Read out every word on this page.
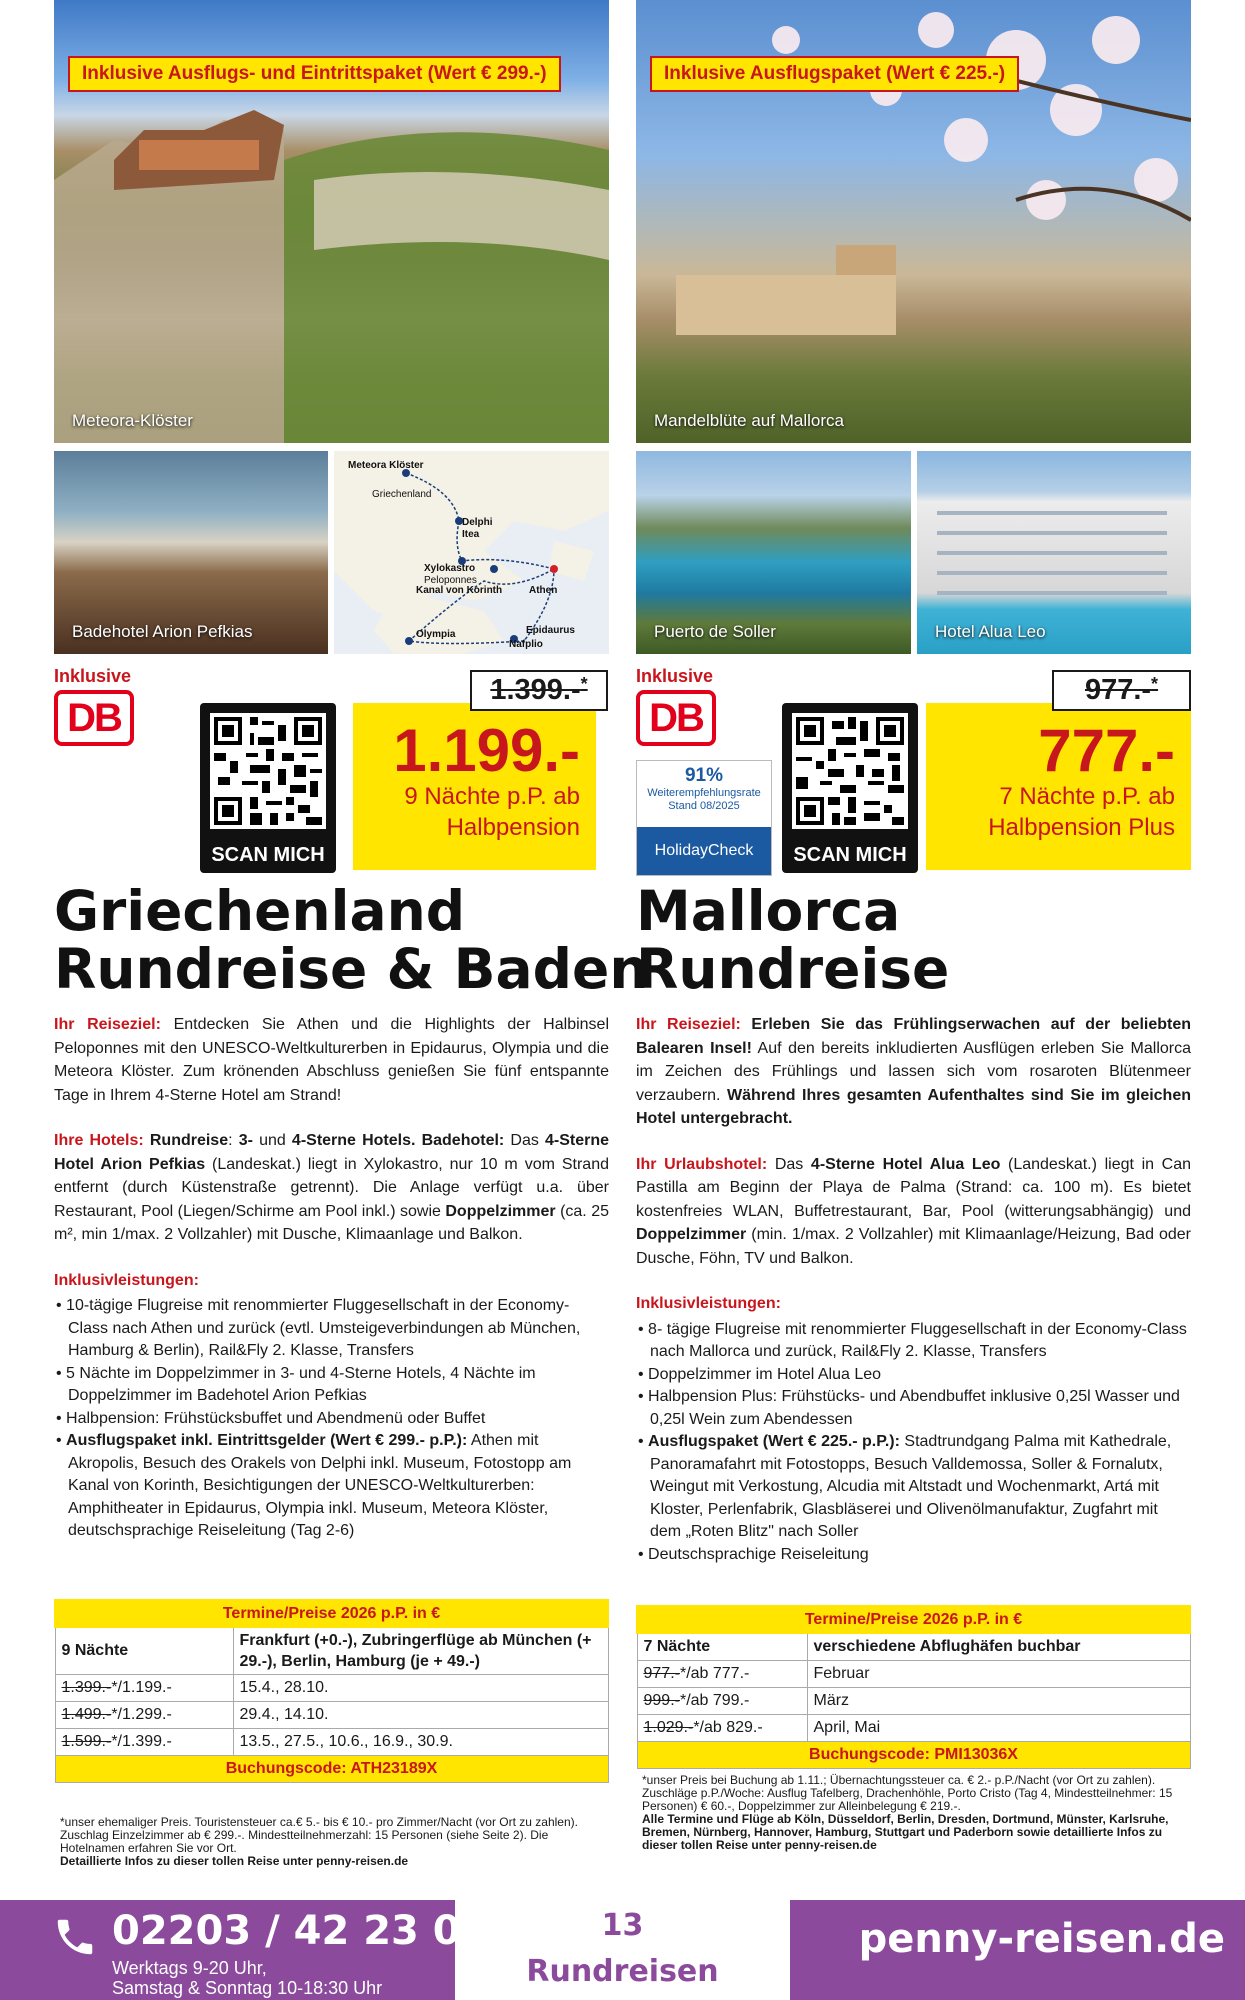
Meteora-Klöster
Inklusive Ausflugs- und Eintrittspaket (Wert € 299.-)
Badehotel Arion Pefkias
Meteora Klöster
Griechenland
Delphi
Itea
Xylokastro
Peloponnes
Kanal von Korinth	Athen
Olympia	Epidaurus
Nafplio
Inklusive
DB
SCAN MICH
1.199.-
9 Nächte p.P. ab
Halbpension
1.399.-*
Griechenland
Rundreise & Baden

Ihr Reiseziel: Entdecken Sie Athen und die Highlights der Halbinsel Peloponnes mit den UNESCO-Weltkulturerben in Epidaurus, Olympia und die Meteora Klöster. Zum krönenden Abschluss genießen Sie fünf entspannte Tage in Ihrem 4-Sterne Hotel am Strand!

Ihre Hotels: Rundreise: 3- und 4-Sterne Hotels. Badehotel: Das 4-Sterne Hotel Arion Pefkias (Landeskat.) liegt in Xylokastro, nur 10 m vom Strand entfernt (durch Küstenstraße getrennt). Die Anlage verfügt u.a. über Restaurant, Pool (Liegen/Schirme am Pool inkl.) sowie Doppelzimmer (ca. 25 m², min 1/max. 2 Vollzahler) mit Dusche, Klimaanlage und Balkon.

Inklusivleistungen:
• 10-tägige Flugreise mit renommierter Fluggesellschaft in der Economy-Class nach Athen und zurück (evtl. Umsteigeverbindungen ab München, Hamburg & Berlin), Rail&Fly 2. Klasse, Transfers
• 5 Nächte im Doppelzimmer in 3- und 4-Sterne Hotels, 4 Nächte im Doppelzimmer im Badehotel Arion Pefkias
• Halbpension: Frühstücksbuffet und Abendmenü oder Buffet
• Ausflugspaket inkl. Eintrittsgelder (Wert € 299.- p.P.): Athen mit Akropolis, Besuch des Orakels von Delphi inkl. Museum, Fotostopp am Kanal von Korinth, Besichtigungen der UNESCO-Weltkulturerben: Amphitheater in Epidaurus, Olympia inkl. Museum, Meteora Klöster, deutschsprachige Reiseleitung (Tag 2-6)
Termine/Preise 2026 p.P. in €	
9 Nächte	Frankfurt (+0.-), Zubringerflüge ab München (+ 29.-), Berlin, Hamburg (je + 49.-)
1.399.-*/1.199.-	15.4., 28.10.
1.499.-*/1.299.-	29.4., 14.10.
1.599.-*/1.399.-	13.5., 27.5., 10.6., 16.9., 30.9.
Buchungscode: ATH23189X	
*unser ehemaliger Preis. Touristensteuer ca.€ 5.- bis € 10.- pro Zimmer/Nacht (vor Ort zu zahlen). Zuschlag Einzelzimmer ab € 299.-. Mindestteilnehmerzahl: 15 Personen (siehe Seite 2). Die Hotelnamen erfahren Sie vor Ort.
Detaillierte Infos zu dieser tollen Reise unter penny-reisen.de
Mandelblüte auf Mallorca
Inklusive Ausflugspaket (Wert € 225.-)
Puerto de Soller	Hotel Alua Leo
Inklusive
DB
91%
Weiterempfehlungsrate
Stand 08/2025
HolidayCheck	SCAN MICH
777.-
7 Nächte p.P. ab
Halbpension Plus
977.-*
Mallorca
Rundreise

Ihr Reiseziel: Erleben Sie das Frühlingserwachen auf der beliebten Balearen Insel! Auf den bereits inkludierten Ausflügen erleben Sie Mallorca im Zeichen des Frühlings und lassen sich vom rosaroten Blütenmeer verzaubern. Während Ihres gesamten Aufenthaltes sind Sie im gleichen Hotel untergebracht.

Ihr Urlaubshotel: Das 4-Sterne Hotel Alua Leo (Landeskat.) liegt in Can Pastilla am Beginn der Playa de Palma (Strand: ca. 100 m). Es bietet kostenfreies WLAN, Buffetrestaurant, Bar, Pool (witterungsabhängig) und Doppelzimmer (min. 1/max. 2 Vollzahler) mit Klimaanlage/Heizung, Bad oder Dusche, Föhn, TV und Balkon.

Inklusivleistungen:
• 8- tägige Flugreise mit renommierter Fluggesellschaft in der Economy-Class nach Mallorca und zurück, Rail&Fly 2. Klasse, Transfers
• Doppelzimmer im Hotel Alua Leo
• Halbpension Plus: Frühstücks- und Abendbuffet inklusive 0,25l Wasser und 0,25l Wein zum Abendessen
• Ausflugspaket (Wert € 225.- p.P.): Stadtrundgang Palma mit Kathedrale, Panoramafahrt mit Fotostopps, Besuch Valldemossa, Soller & Fornalutx, Weingut mit Verkostung, Alcudia mit Altstadt und Wochenmarkt, Artá mit Kloster, Perlenfabrik, Glasbläserei und Olivenölmanufaktur, Zugfahrt mit dem „Roten Blitz" nach Soller
• Deutschsprachige Reiseleitung
Termine/Preise 2026 p.P. in €	
7 Nächte	verschiedene Abflughäfen buchbar
977.-*/ab 777.-	Februar
999.-*/ab 799.-	März
1.029.-*/ab 829.-	April, Mai
Buchungscode: PMI13036X	
*unser Preis bei Buchung ab 1.11.; Übernachtungssteuer ca. € 2.- p.P./Nacht (vor Ort zu zahlen). Zuschläge p.P./Woche: Ausflug Tafelberg, Drachenhöhle, Porto Cristo (Tag 4, Mindestteilnehmer: 15 Personen) € 60.-, Doppelzimmer zur Alleinbelegung € 219.-.
Alle Termine und Flüge ab Köln, Düsseldorf, Berlin, Dresden, Dortmund, Münster, Karlsruhe, Bremen, Nürnberg, Hannover, Hamburg, Stuttgart und Paderborn sowie detaillierte Infos zu dieser tollen Reise unter penny-reisen.de
02203 / 42 23 04
Werktags 9-20 Uhr,
Samstag & Sonntag 10-18:30 Uhr
13
Rundreisen
penny-reisen.de
